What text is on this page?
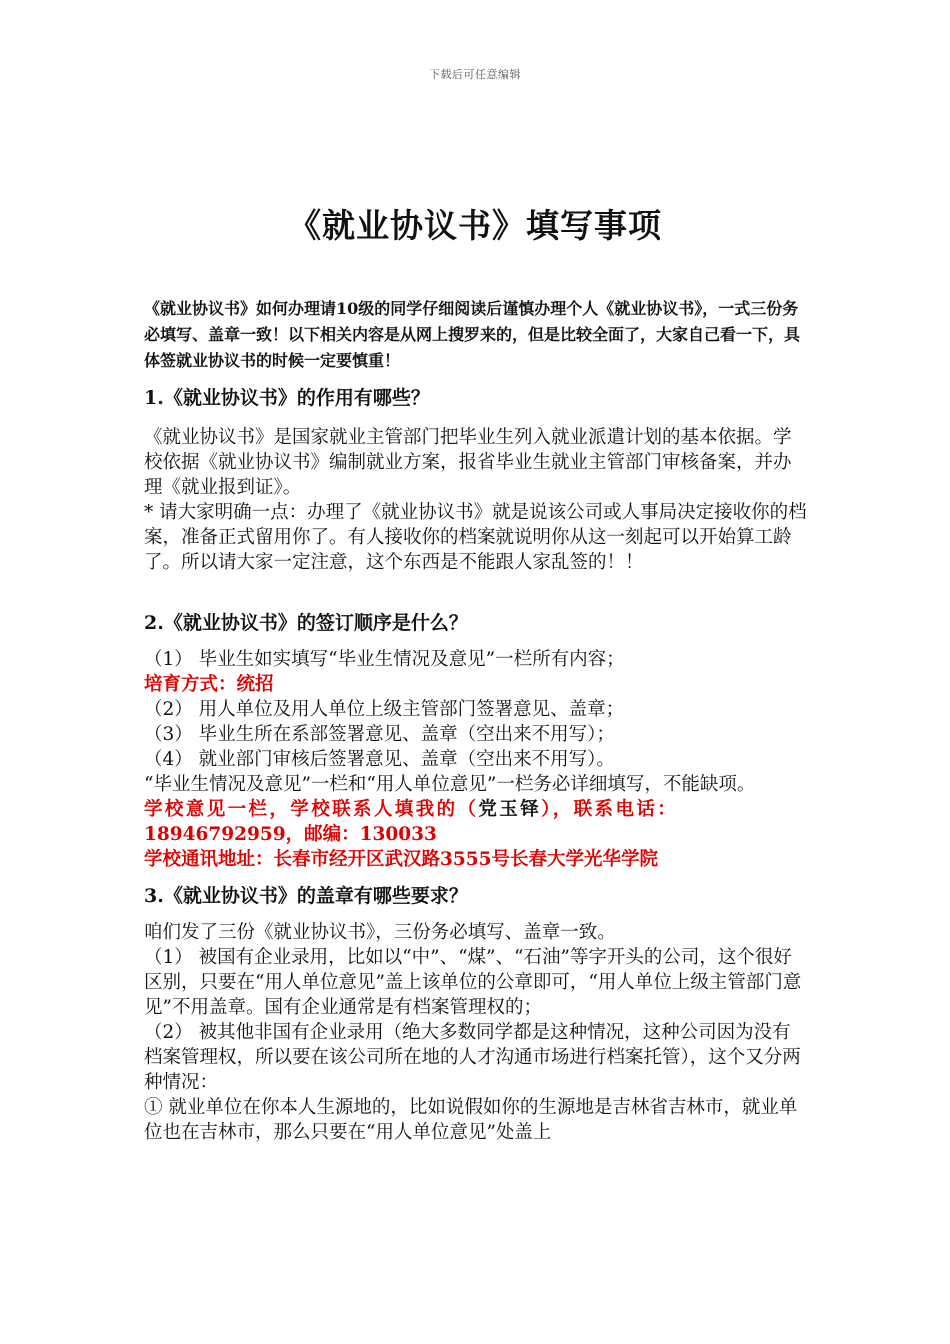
下载后可任意编辑
《就业协议书》填写事项

《就业协议书》如何办理请10级的同学仔细阅读后谨慎办理个人《就业协议书》，一式三份务必填写、盖章一致！以下相关内容是从网上搜罗来的，但是比较全面了，大家自己看一下，具体签就业协议书的时候一定要慎重！

1.《就业协议书》的作用有哪些？

《就业协议书》是国家就业主管部门把毕业生列入就业派遣计划的基本依据。学校依据《就业协议书》编制就业方案，报省毕业生就业主管部门审核备案，并办理《就业报到证》。

* 请大家明确一点：办理了《就业协议书》就是说该公司或人事局决定接收你的档案，准备正式留用你了。有人接收你的档案就说明你从这一刻起可以开始算工龄了。所以请大家一定注意，这个东西是不能跟人家乱签的！！

2.《就业协议书》的签订顺序是什么？

（1） 毕业生如实填写“毕业生情况及意见”一栏所有内容；

培育方式：统招

（2） 用人单位及用人单位上级主管部门签署意见、盖章；

（3） 毕业生所在系部签署意见、盖章（空出来不用写）；

（4） 就业部门审核后签署意见、盖章（空出来不用写）。

“毕业生情况及意见”一栏和“用人单位意见”一栏务必详细填写，不能缺项。

学校意见一栏，学校联系人填我的（党玉铎），联系电话：

18946792959，邮编：130033

学校通讯地址：长春市经开区武汉路3555号长春大学光华学院

3.《就业协议书》的盖章有哪些要求？

咱们发了三份《就业协议书》，三份务必填写、盖章一致。

（1） 被国有企业录用，比如以“中”、“煤”、“石油”等字开头的公司，这个很好区别，只要在“用人单位意见”盖上该单位的公章即可，“用人单位上级主管部门意见”不用盖章。国有企业通常是有档案管理权的；

（2） 被其他非国有企业录用（绝大多数同学都是这种情况，这种公司因为没有档案管理权，所以要在该公司所在地的人才沟通市场进行档案托管），这个又分两种情况：

① 就业单位在你本人生源地的，比如说假如你的生源地是吉林省吉林市，就业单位也在吉林市，那么只要在“用人单位意见”处盖上
